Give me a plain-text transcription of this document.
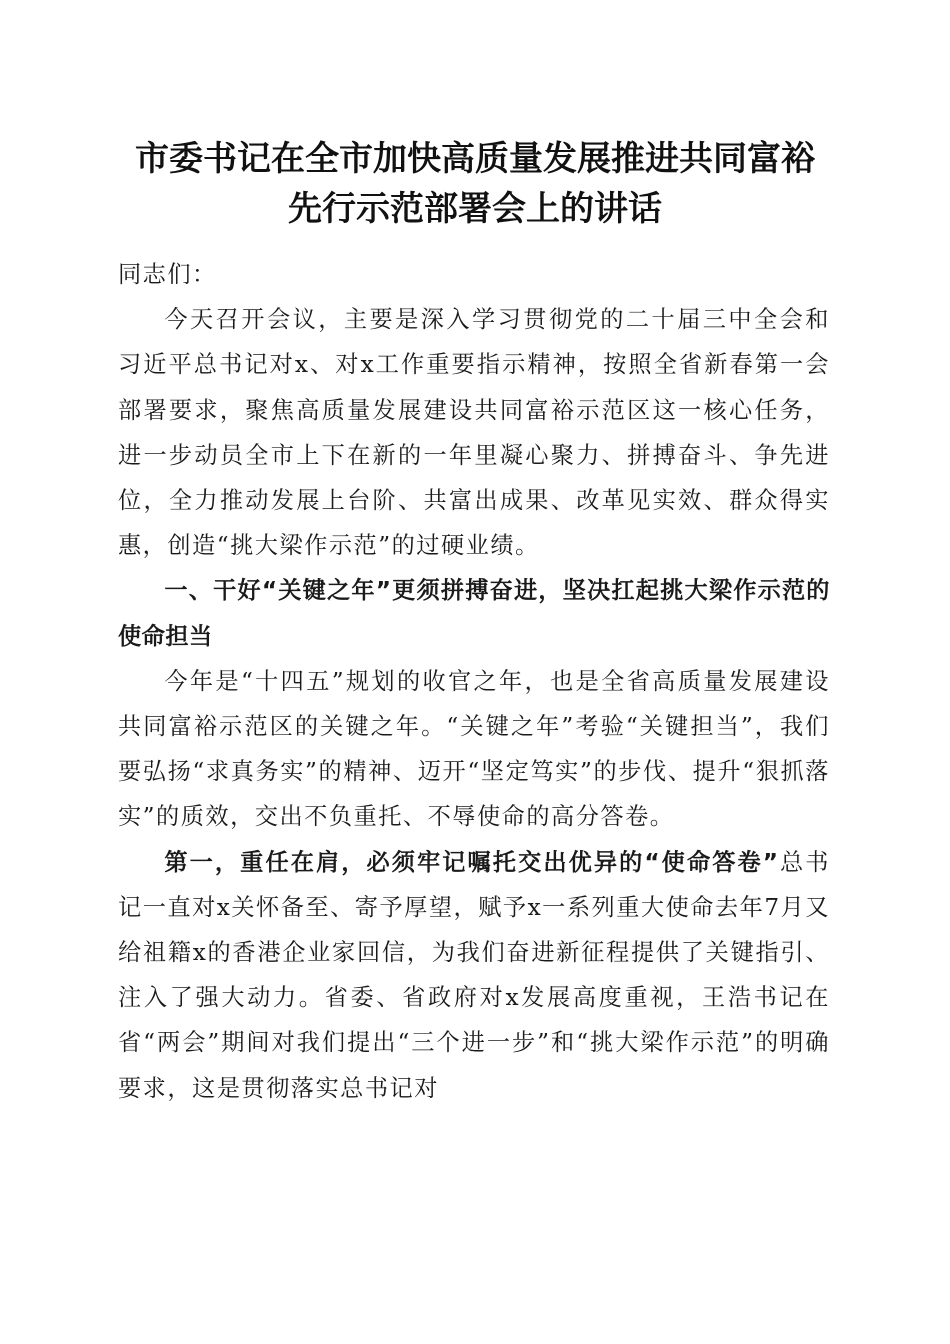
市委书记在全市加快高质量发展推进共同富裕
先行示范部署会上的讲话

同志们：

今天召开会议，主要是深入学习贯彻党的二十届三中全会和习近平总书记对x、对x工作重要指示精神，按照全省新春第一会部署要求，聚焦高质量发展建设共同富裕示范区这一核心任务，进一步动员全市上下在新的一年里凝心聚力、拼搏奋斗、争先进位，全力推动发展上台阶、共富出成果、改革见实效、群众得实惠，创造“挑大梁作示范”的过硬业绩。

一、干好“关键之年”更须拼搏奋进，坚决扛起挑大梁作示范的使命担当

今年是“十四五”规划的收官之年，也是全省高质量发展建设共同富裕示范区的关键之年。“关键之年”考验“关键担当”，我们要弘扬“求真务实”的精神、迈开“坚定笃实”的步伐、提升“狠抓落实”的质效，交出不负重托、不辱使命的高分答卷。

第一，重任在肩，必须牢记嘱托交出优异的“使命答卷”总书记一直对x关怀备至、寄予厚望，赋予x一系列重大使命去年7月又给祖籍x的香港企业家回信，为我们奋进新征程提供了关键指引、注入了强大动力。省委、省政府对x发展高度重视，王浩书记在省“两会”期间对我们提出“三个进一步”和“挑大梁作示范”的明确要求，这是贯彻落实总书记对
